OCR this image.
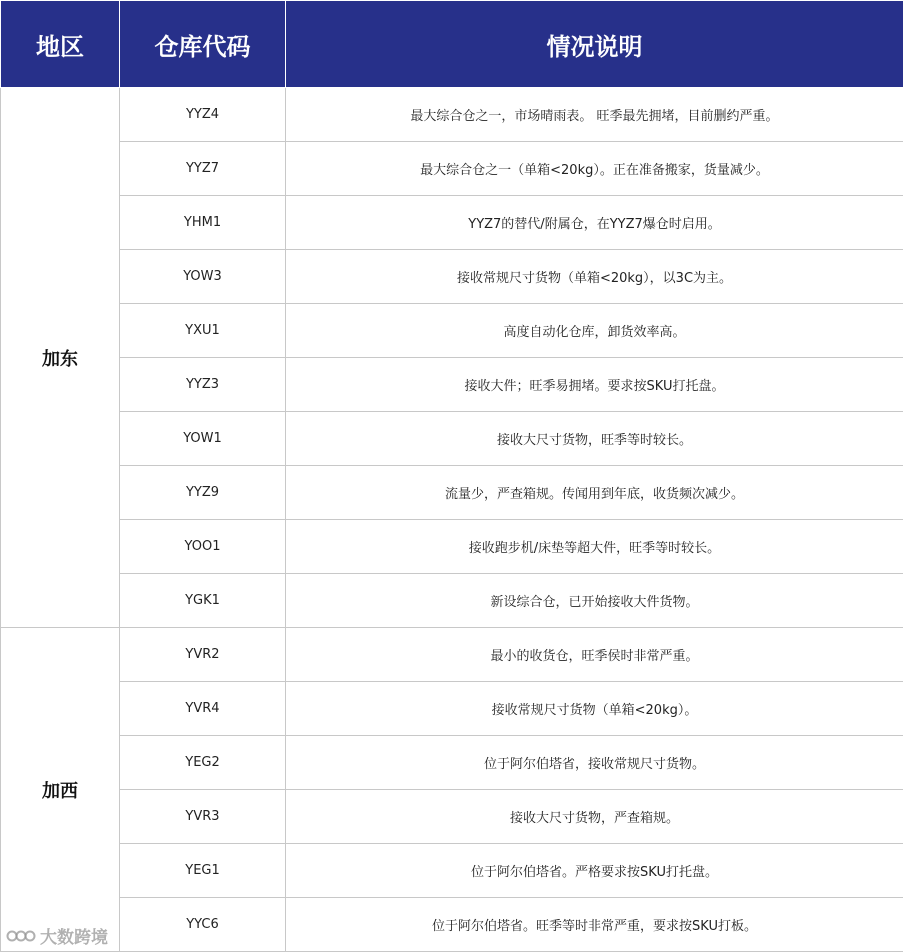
地区	仓库代码	情况说明
加东	YYZ4	最大综合仓之一，市场晴雨表。 旺季最先拥堵，目前删约严重。
	YYZ7	最大综合仓之一（单箱<20kg）。正在准备搬家，货量减少。
	YHM1	YYZ7的替代/附属仓，在YYZ7爆仓时启用。
	YOW3	接收常规尺寸货物（单箱<20kg），以3C为主。
	YXU1	高度自动化仓库，卸货效率高。
	YYZ3	接收大件；旺季易拥堵。要求按SKU打托盘。
	YOW1	接收大尺寸货物，旺季等时较长。
	YYZ9	流量少，严查箱规。传闻用到年底，收货频次减少。
	YOO1	接收跑步机/床垫等超大件，旺季等时较长。
	YGK1	新设综合仓，已开始接收大件货物。
加西	YVR2	最小的收货仓，旺季侯时非常严重。
	YVR4	接收常规尺寸货物（单箱<20kg）。
	YEG2	位于阿尔伯塔省，接收常规尺寸货物。
	YVR3	接收大尺寸货物，严查箱规。
	YEG1	位于阿尔伯塔省。严格要求按SKU打托盘。
	YYC6	位于阿尔伯塔省。旺季等时非常严重，要求按SKU打板。
大数跨境
